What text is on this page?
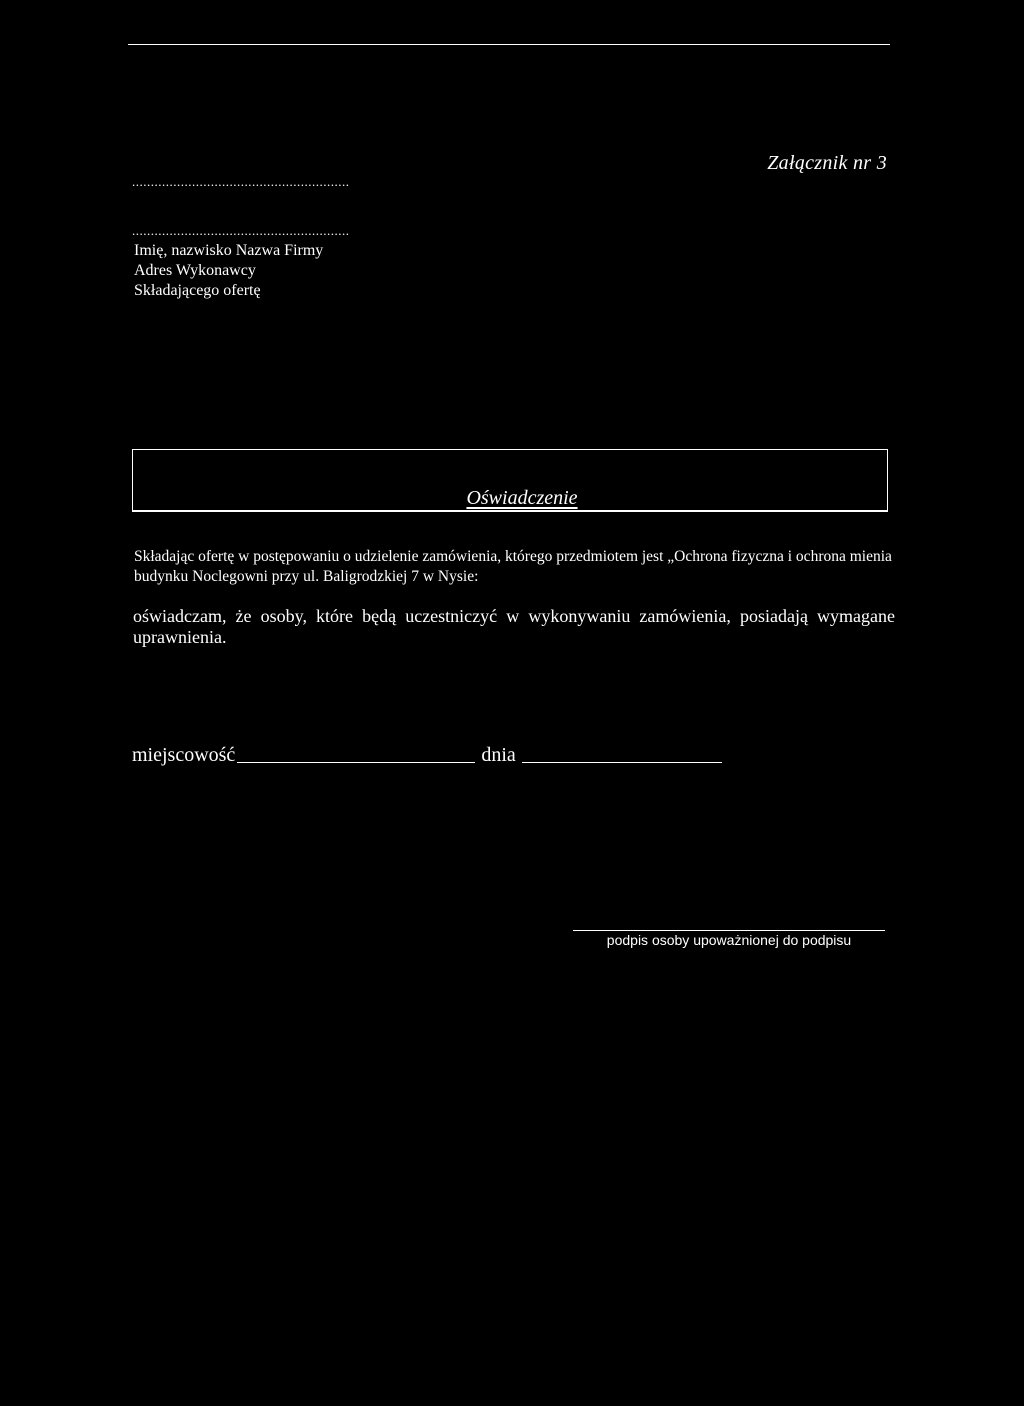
Załącznik nr 3
..........................................................
..........................................................
Imię, nazwisko Nazwa Firmy
Adres Wykonawcy
Składającego ofertę
Oświadczenie
Składając ofertę w postępowaniu o udzielenie zamówienia, którego przedmiotem jest „Ochrona fizyczna i ochrona mienia budynku Noclegowni przy ul. Baligrodzkiej 7 w Nysie:
oświadczam, że osoby, które będą uczestniczyć w wykonywaniu zamówienia, posiadają wymagane uprawnienia.
miejscowość	dnia
podpis osoby upoważnionej do podpisu
